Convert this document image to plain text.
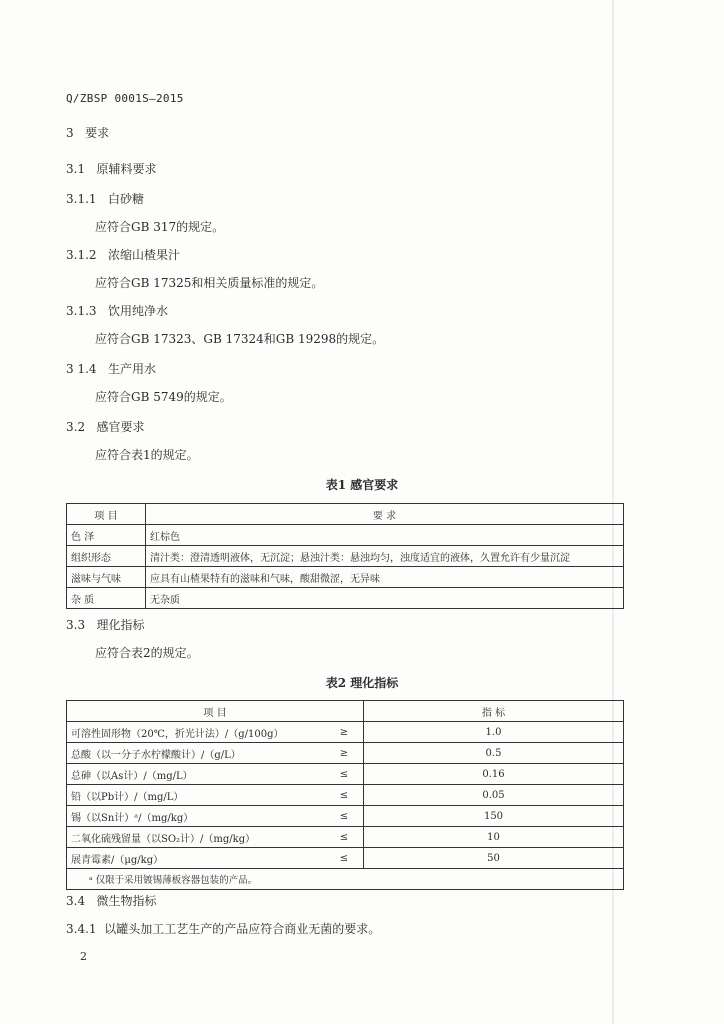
Q/ZBSP 0001S—2015
3 要求
3.1 原辅料要求
3.1.1 白砂糖
应符合GB 317的规定。
3.1.2 浓缩山楂果汁
应符合GB 17325和相关质量标准的规定。
3.1.3 饮用纯净水
应符合GB 17323、GB 17324和GB 19298的规定。
3 1.4 生产用水
应符合GB 5749的规定。
3.2 感官要求
应符合表1的规定。
表1 感官要求
项 目	要 求
色 泽	红棕色
组织形态	清汁类：澄清透明液体，无沉淀；悬浊汁类：悬浊均匀，浊度适宜的液体，久置允许有少量沉淀
滋味与气味	应具有山楂果特有的滋味和气味，酸甜微涩，无异味
杂 质	无杂质
3.3 理化指标
应符合表2的规定。
表2 理化指标
项 目		指 标
可溶性固形物（20℃，折光计法）/（g/100g）	≥	1.0
总酸（以一分子水柠檬酸计）/（g/L）	≥	0.5
总砷（以As计）/（mg/L）	≤	0.16
铅（以Pb计）/（mg/L）	≤	0.05
锡（以Sn计）ᵃ/（mg/kg）	≤	150
二氧化硫残留量（以SO₂计）/（mg/kg）	≤	10
展青霉素/（μg/kg）	≤	50
ᵃ 仅限于采用镀锡薄板容器包装的产品。		
3.4 微生物指标
3.4.1 以罐头加工工艺生产的产品应符合商业无菌的要求。
2
